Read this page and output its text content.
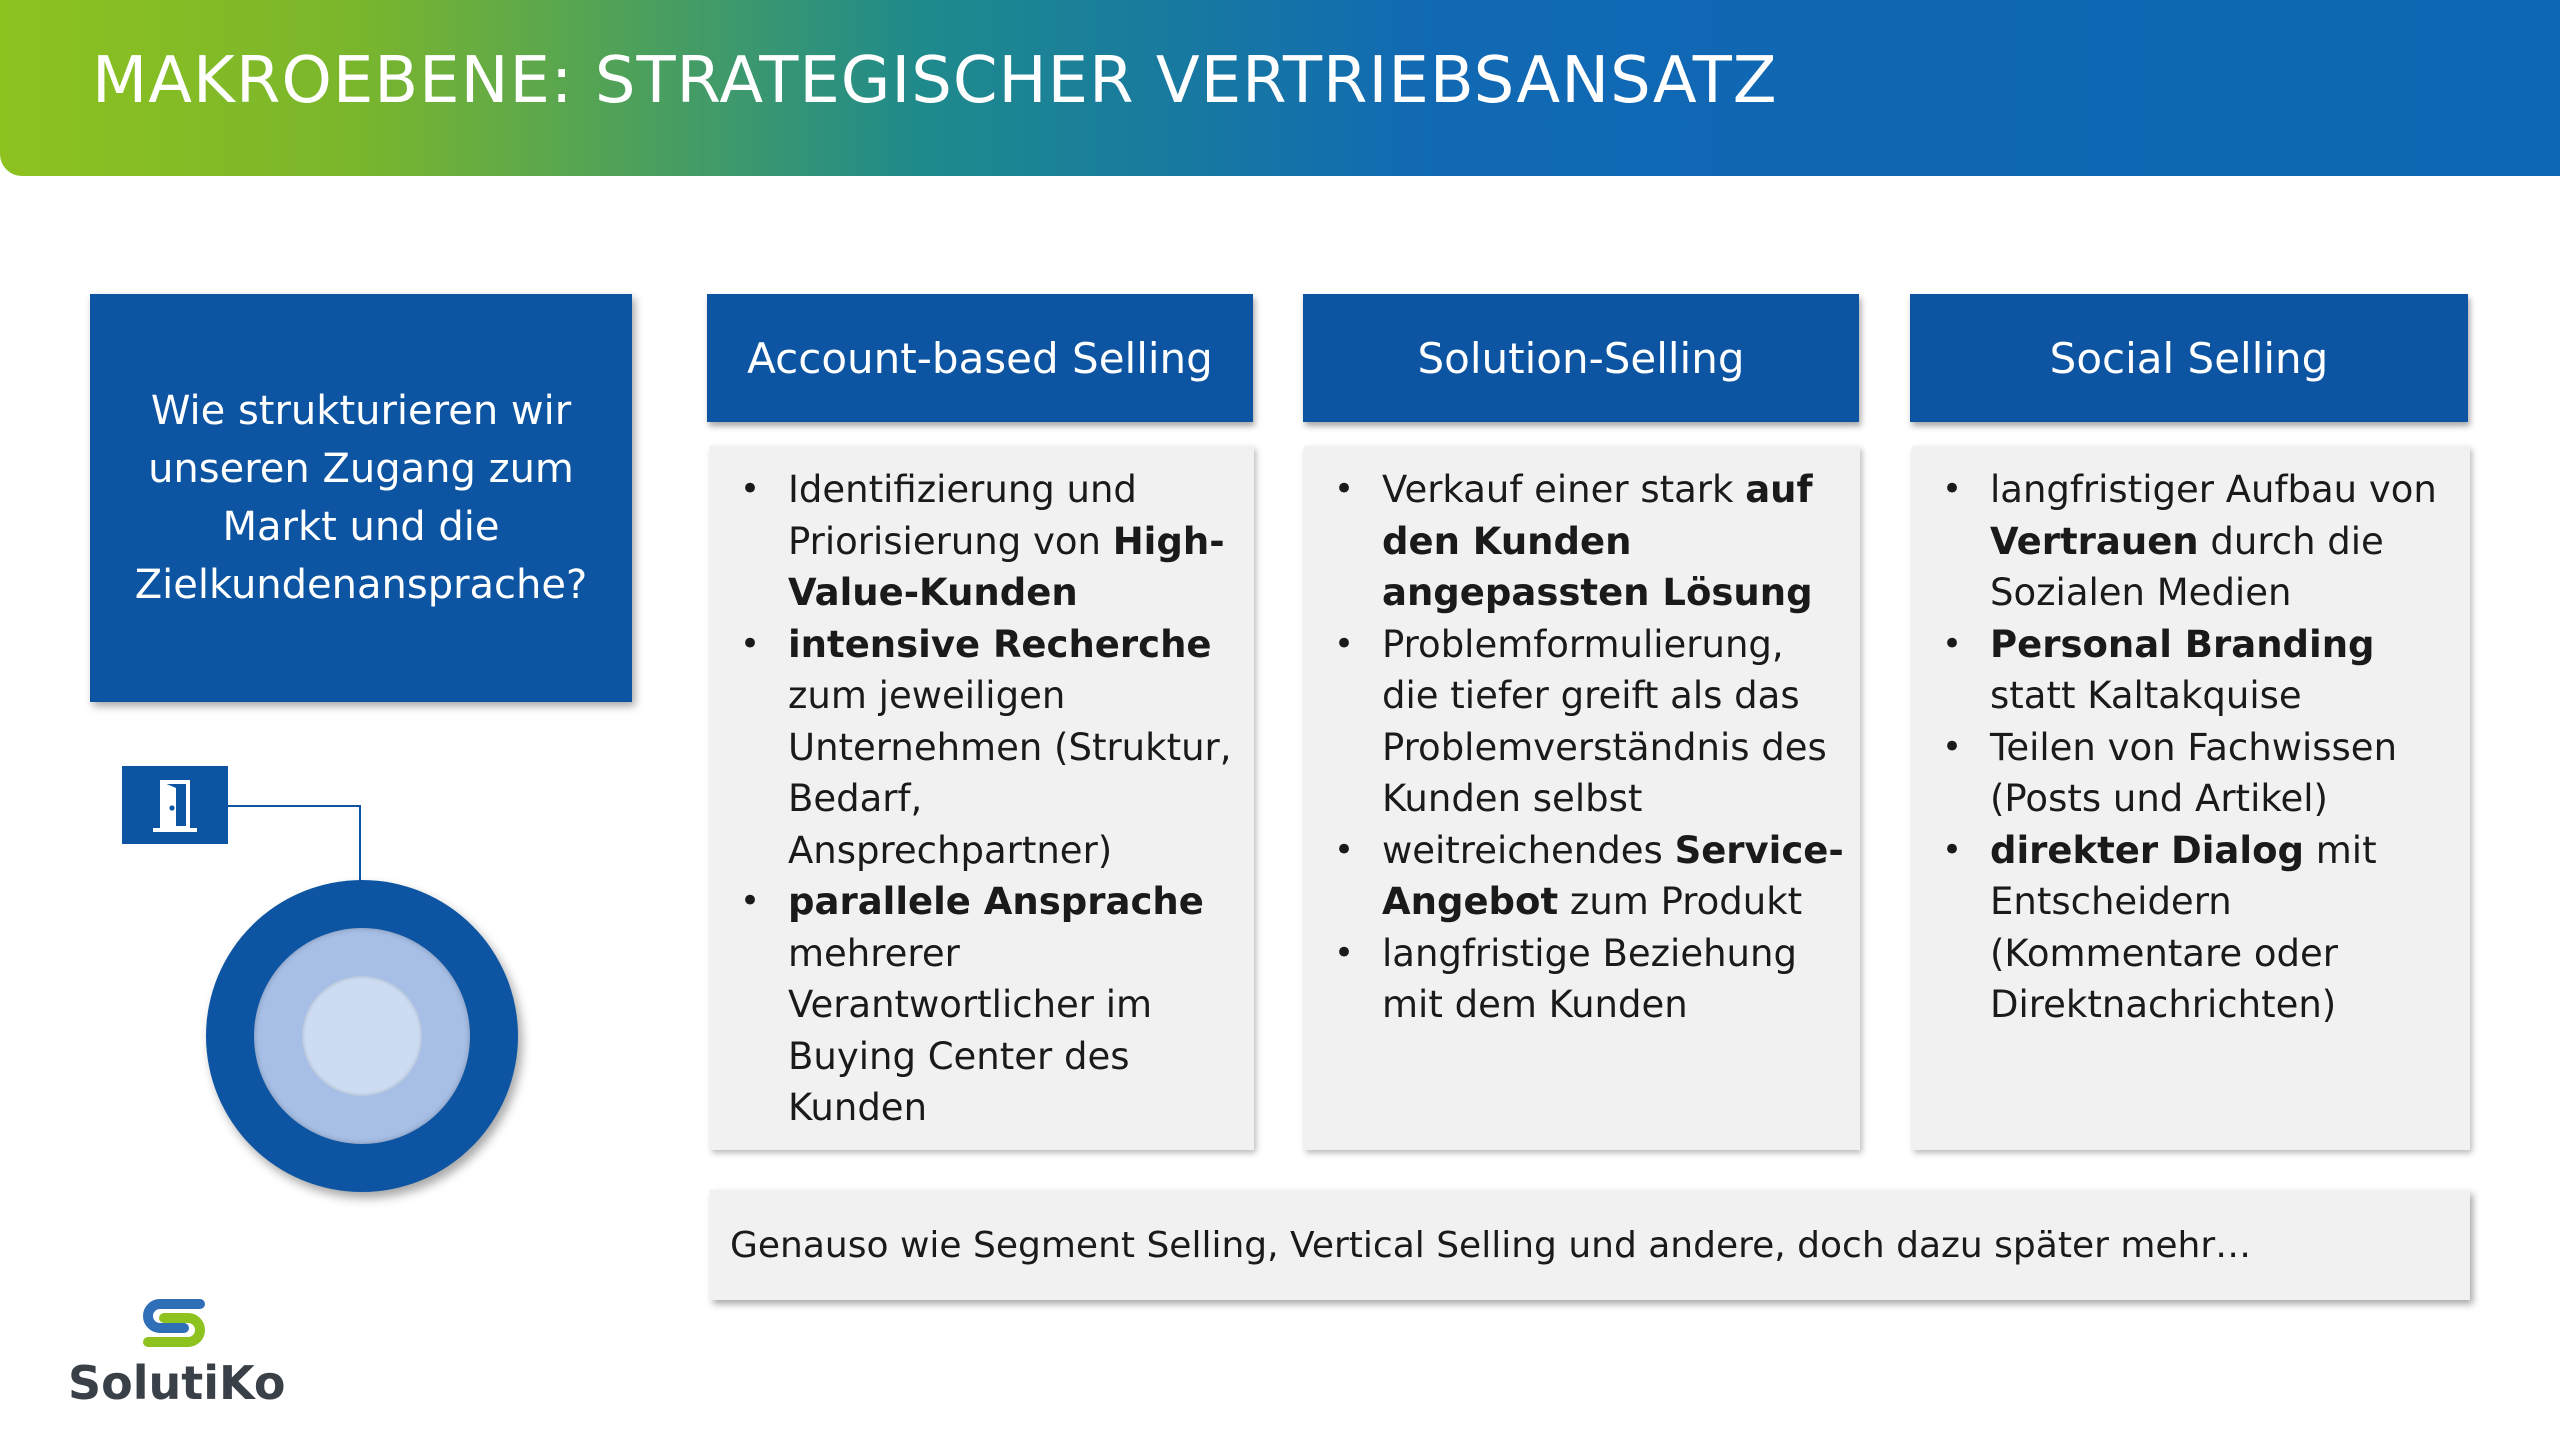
MAKROEBENE: STRATEGISCHER VERTRIEBSANSATZ
Wie strukturieren wir unseren Zugang zum Markt und die Zielkundenansprache?
Account-based Selling
• Identifizierung und Priorisierung von High-Value-Kunden
• intensive Recherche zum jeweiligen Unternehmen (Struktur, Bedarf, Ansprechpartner)
• parallele Ansprache mehrerer Verantwortlicher im Buying Center des Kunden
Solution-Selling
• Verkauf einer stark auf den Kunden angepassten Lösung
• Problemformulierung, die tiefer greift als das Problemverständnis des Kunden selbst
• weitreichendes Service-Angebot zum Produkt
• langfristige Beziehung mit dem Kunden
Social Selling
• langfristiger Aufbau von Vertrauen durch die Sozialen Medien
• Personal Branding statt Kaltakquise
• Teilen von Fachwissen (Posts und Artikel)
• direkter Dialog mit Entscheidern (Kommentare oder Direktnachrichten)
Genauso wie Segment Selling, Vertical Selling und andere, doch dazu später mehr…
SolutiKo
